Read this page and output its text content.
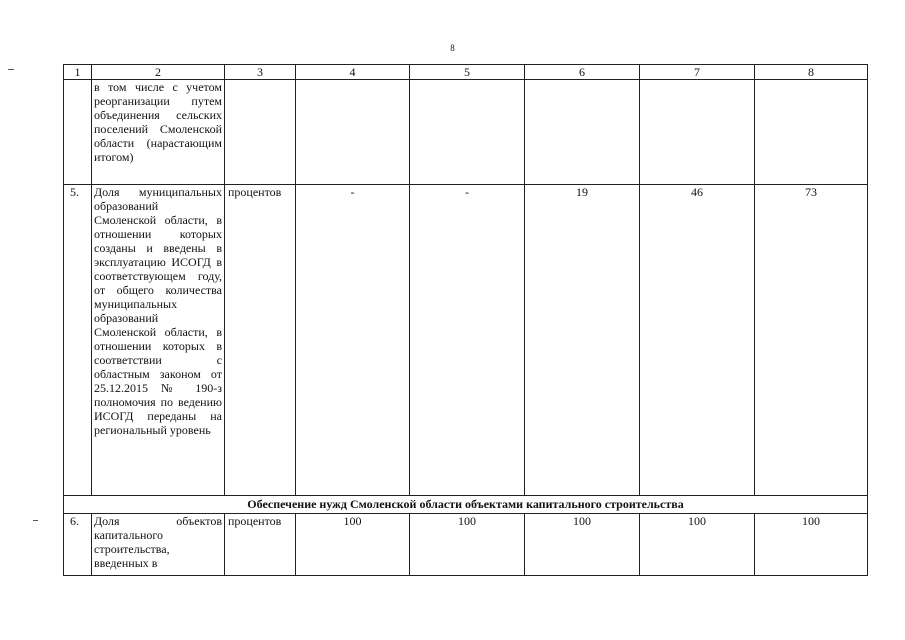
8
1	2	3	4	5	6	7	8
	в том числе с учетом реорганизации путем объединения сельских поселений Смоленской области (нарастающим итогом)						
5.	Доля муниципальных образований Смоленской области, в отношении которых созданы и введены в эксплуатацию ИСОГД в соответствующем году, от общего количества муниципальных образований Смоленской области, в отношении которых в соответствии с областным законом от 25.12.2015 № 190-з полномочия по ведению ИСОГД переданы на региональный уровень	процентов	-	-	19	46	73
Обеспечение нужд Смоленской области объектами капитального строительства							
6.	Доля объектов капитального строительства, введенных в	процентов	100	100	100	100	100
